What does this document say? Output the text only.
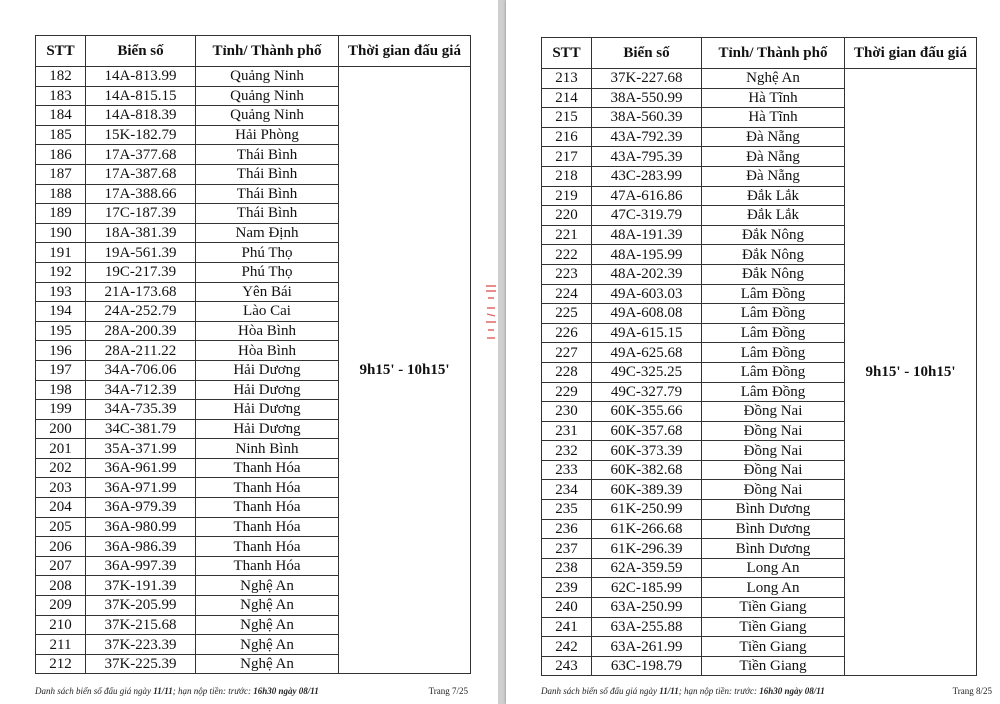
STT	Biển số	Tỉnh/ Thành phố	Thời gian đấu giá
182	14A-813.99	Quảng Ninh	9h15' - 10h15'
183	14A-815.15	Quảng Ninh	
184	14A-818.39	Quảng Ninh	
185	15K-182.79	Hải Phòng	
186	17A-377.68	Thái Bình	
187	17A-387.68	Thái Bình	
188	17A-388.66	Thái Bình	
189	17C-187.39	Thái Bình	
190	18A-381.39	Nam Định	
191	19A-561.39	Phú Thọ	
192	19C-217.39	Phú Thọ	
193	21A-173.68	Yên Bái	
194	24A-252.79	Lào Cai	
195	28A-200.39	Hòa Bình	
196	28A-211.22	Hòa Bình	
197	34A-706.06	Hải Dương	
198	34A-712.39	Hải Dương	
199	34A-735.39	Hải Dương	
200	34C-381.79	Hải Dương	
201	35A-371.99	Ninh Bình	
202	36A-961.99	Thanh Hóa	
203	36A-971.99	Thanh Hóa	
204	36A-979.39	Thanh Hóa	
205	36A-980.99	Thanh Hóa	
206	36A-986.39	Thanh Hóa	
207	36A-997.39	Thanh Hóa	
208	37K-191.39	Nghệ An	
209	37K-205.99	Nghệ An	
210	37K-215.68	Nghệ An	
211	37K-223.39	Nghệ An	
212	37K-225.39	Nghệ An	
Danh sách biển số đấu giá ngày 11/11; hạn nộp tiền: trước: 16h30 ngày 08/11	Trang 7/25
STT	Biển số	Tỉnh/ Thành phố	Thời gian đấu giá
213	37K-227.68	Nghệ An	9h15' - 10h15'
214	38A-550.99	Hà Tĩnh	
215	38A-560.39	Hà Tĩnh	
216	43A-792.39	Đà Nẵng	
217	43A-795.39	Đà Nẵng	
218	43C-283.99	Đà Nẵng	
219	47A-616.86	Đắk Lắk	
220	47C-319.79	Đắk Lắk	
221	48A-191.39	Đắk Nông	
222	48A-195.99	Đắk Nông	
223	48A-202.39	Đắk Nông	
224	49A-603.03	Lâm Đồng	
225	49A-608.08	Lâm Đồng	
226	49A-615.15	Lâm Đồng	
227	49A-625.68	Lâm Đồng	
228	49C-325.25	Lâm Đồng	
229	49C-327.79	Lâm Đồng	
230	60K-355.66	Đồng Nai	
231	60K-357.68	Đồng Nai	
232	60K-373.39	Đồng Nai	
233	60K-382.68	Đồng Nai	
234	60K-389.39	Đồng Nai	
235	61K-250.99	Bình Dương	
236	61K-266.68	Bình Dương	
237	61K-296.39	Bình Dương	
238	62A-359.59	Long An	
239	62C-185.99	Long An	
240	63A-250.99	Tiền Giang	
241	63A-255.88	Tiền Giang	
242	63A-261.99	Tiền Giang	
243	63C-198.79	Tiền Giang	
Danh sách biển số đấu giá ngày 11/11; hạn nộp tiền: trước: 16h30 ngày 08/11	Trang 8/25
